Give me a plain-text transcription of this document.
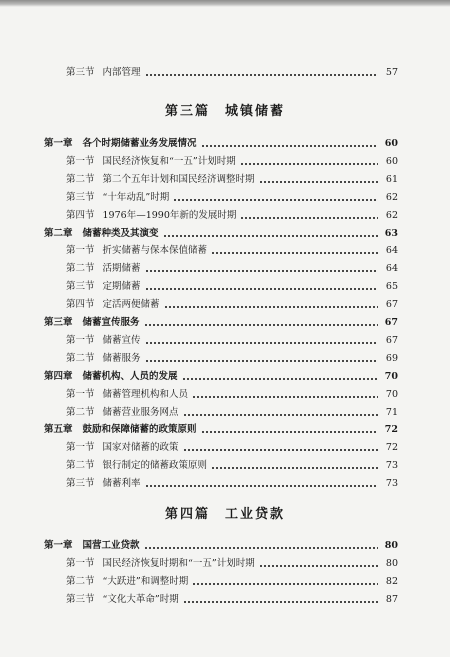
第三节 内部管理	57
第三篇　城镇储蓄
第一章 各个时期储蓄业务发展情况	60
第一节 国民经济恢复和“一五”计划时期	60
第二节 第二个五年计划和国民经济调整时期	61
第三节 “十年动乱”时期	62
第四节 1976年—1990年新的发展时期	62
第二章 储蓄种类及其演变	63
第一节 折实储蓄与保本保值储蓄	64
第二节 活期储蓄	64
第三节 定期储蓄	65
第四节 定活两便储蓄	67
第三章 储蓄宣传服务	67
第一节 储蓄宣传	67
第二节 储蓄服务	69
第四章 储蓄机构、人员的发展	70
第一节 储蓄管理机构和人员	70
第二节 储蓄营业服务网点	71
第五章 鼓励和保障储蓄的政策原则	72
第一节 国家对储蓄的政策	72
第二节 银行制定的储蓄政策原则	73
第三节 储蓄利率	73
第四篇　工业贷款
第一章 国营工业贷款	80
第一节 国民经济恢复时期和“一五”计划时期	80
第二节 “大跃进”和调整时期	82
第三节 “文化大革命”时期	87
